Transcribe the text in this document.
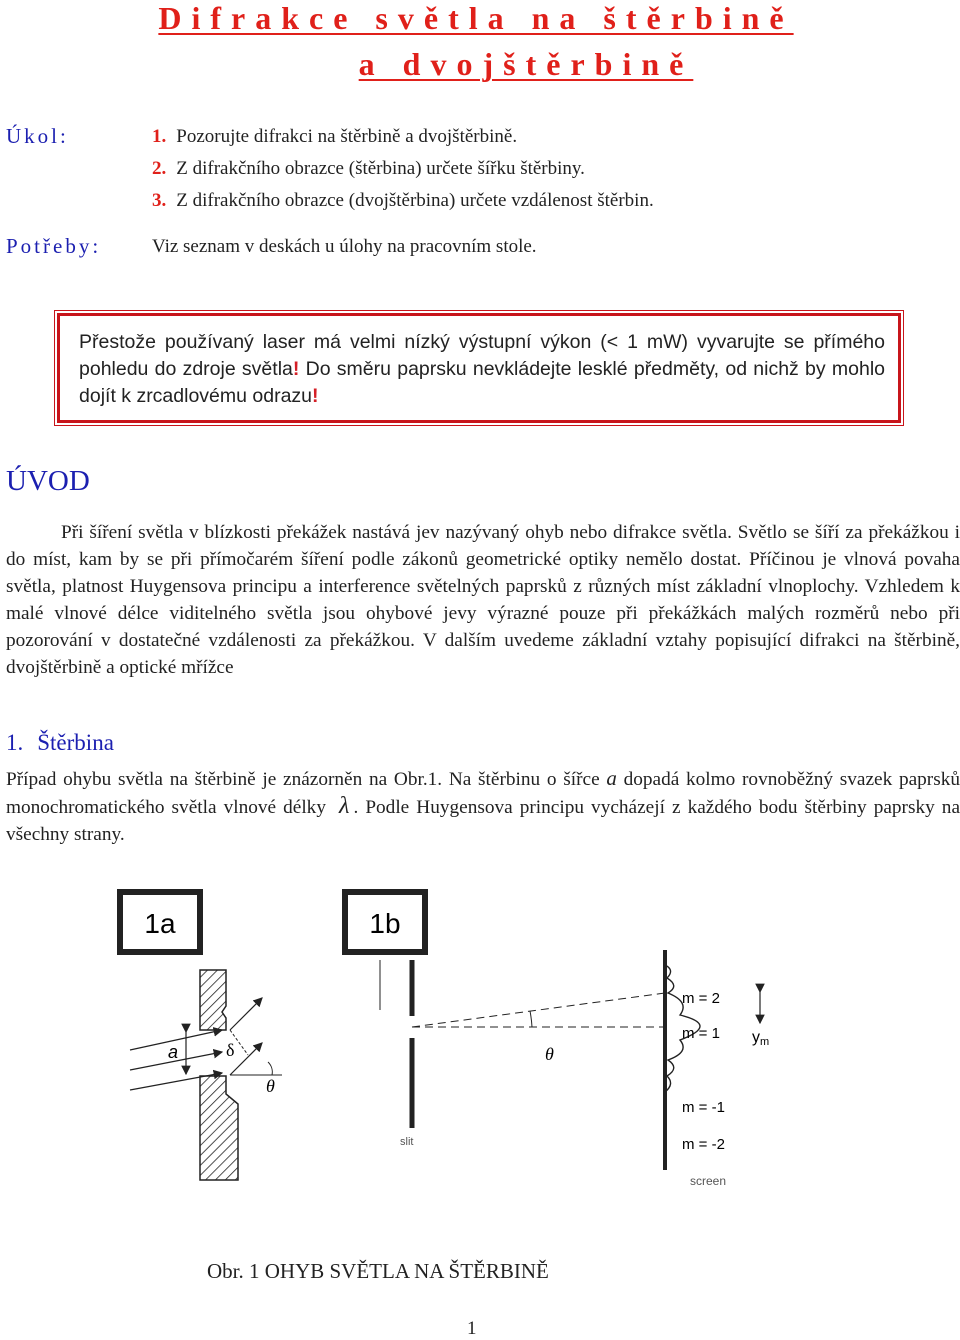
Difrakce světla na štěrbině
a dvojštěrbině
Úkol:	1. Pozorujte difrakci na štěrbině a dvojštěrbině.
2. Z difrakčního obrazce (štěrbina) určete šířku štěrbiny.
3. Z difrakčního obrazce (dvojštěrbina) určete vzdálenost štěrbin.
Potřeby:	Viz seznam v deskách u úlohy na pracovním stole.
Přestože používaný laser má velmi nízký výstupní výkon (< 1 mW) vyvarujte se přímého pohledu do zdroje světla! Do směru paprsku nevkládejte lesklé předměty, od nichž by mohlo dojít k zrcadlovému odrazu!
ÚVOD

Při šíření světla v blízkosti překážek nastává jev nazývaný ohyb nebo difrakce světla. Světlo se šíří za překážkou i do míst, kam by se při přímočarém šíření podle zákonů geometrické optiky nemělo dostat. Příčinou je vlnová povaha světla, platnost Huygensova principu a interference světelných paprsků z různých míst základní vlnoplochy. Vzhledem k malé vlnové délce viditelného světla jsou ohybové jevy výrazné pouze při překážkách malých rozměrů nebo při pozorování v dostatečné vzdálenosti za překážkou. V dalším uvedeme základní vztahy popisující difrakci na štěrbině, dvojštěrbině a optické mřížce

1. Štěrbina

Případ ohybu světla na štěrbině je znázorněn na Obr.1. Na štěrbinu o šířce a dopadá kolmo rovnoběžný svazek paprsků monochromatického světla vlnové délky λ . Podle Huygensova principu vycházejí z každého bodu štěrbiny paprsky na všechny strany.

1a	1b
a	δ
θ
slit
θ
screen
m = 2
m = 1
m = -1
m = -2
ym
Obr. 1 OHYB SVĚTLA NA ŠTĚRBINĚ
1
